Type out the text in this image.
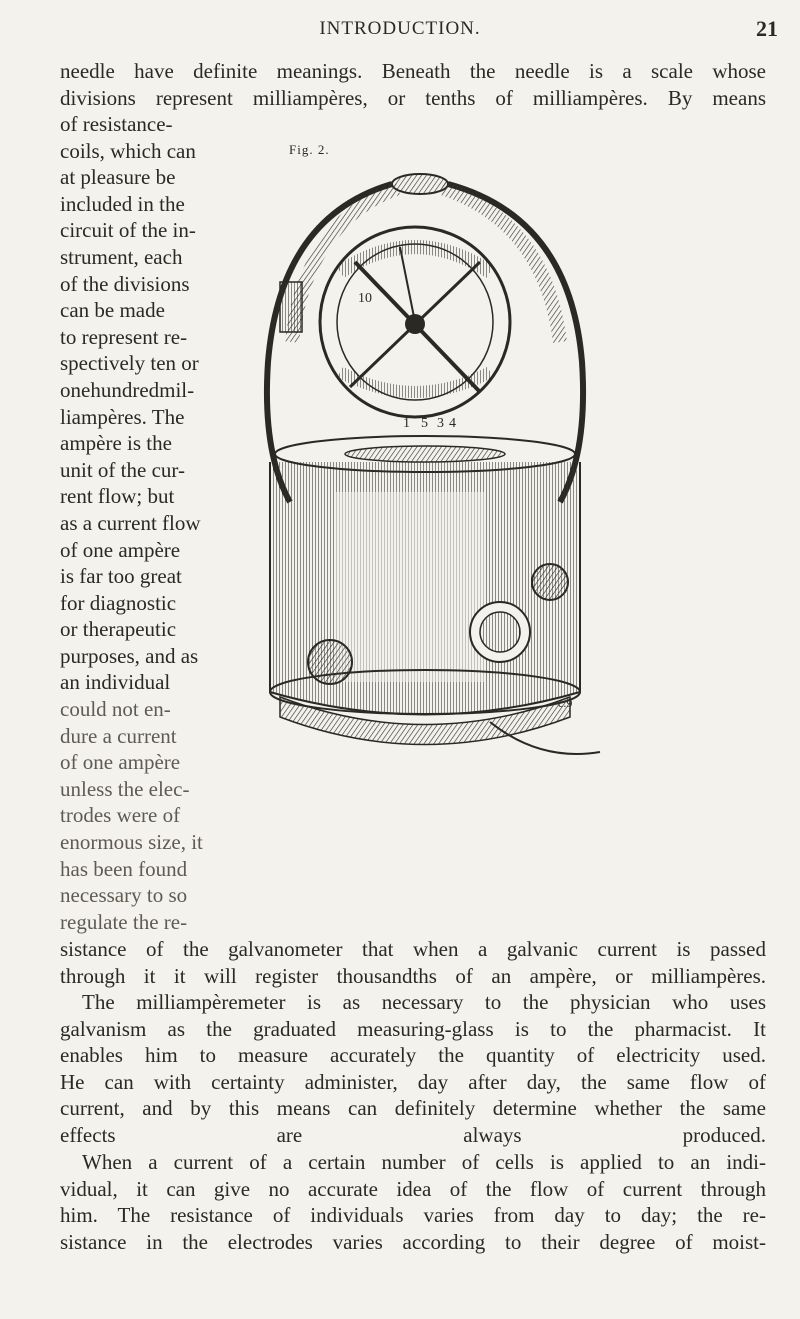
INTRODUCTION.	21
needle have definite meanings. Beneath the needle is a scale whose
divisions represent milliampères, or tenths of milliampères. By means
of resistance-
coils, which can
at pleasure be
included in the
circuit of the in-
strument, each
of the divisions
can be made
to represent re-
spectively ten or
onehundredmil-
liampères. The
ampère is the
unit of the cur-
rent flow; but
as a current flow
of one ampère
is far too great
for diagnostic
or therapeutic
purposes, and as
an individual
could not en-
dure a current
of one ampère
unless the elec-
trodes were of
enormous size, it
has been found
necessary to so
regulate the re-
Fig. 2.
10
1 5 3 4
c.9
sistance of the galvanometer that when a galvanic current is passed
through it it will register thousandths of an ampère, or milliampères.
The milliampèremeter is as necessary to the physician who uses
galvanism as the graduated measuring-glass is to the pharmacist. It
enables him to measure accurately the quantity of electricity used.
He can with certainty administer, day after day, the same flow of
current, and by this means can definitely determine whether the same
effects are always produced.
When a current of a certain number of cells is applied to an indi-
vidual, it can give no accurate idea of the flow of current through
him. The resistance of individuals varies from day to day; the re-
sistance in the electrodes varies according to their degree of moist-
